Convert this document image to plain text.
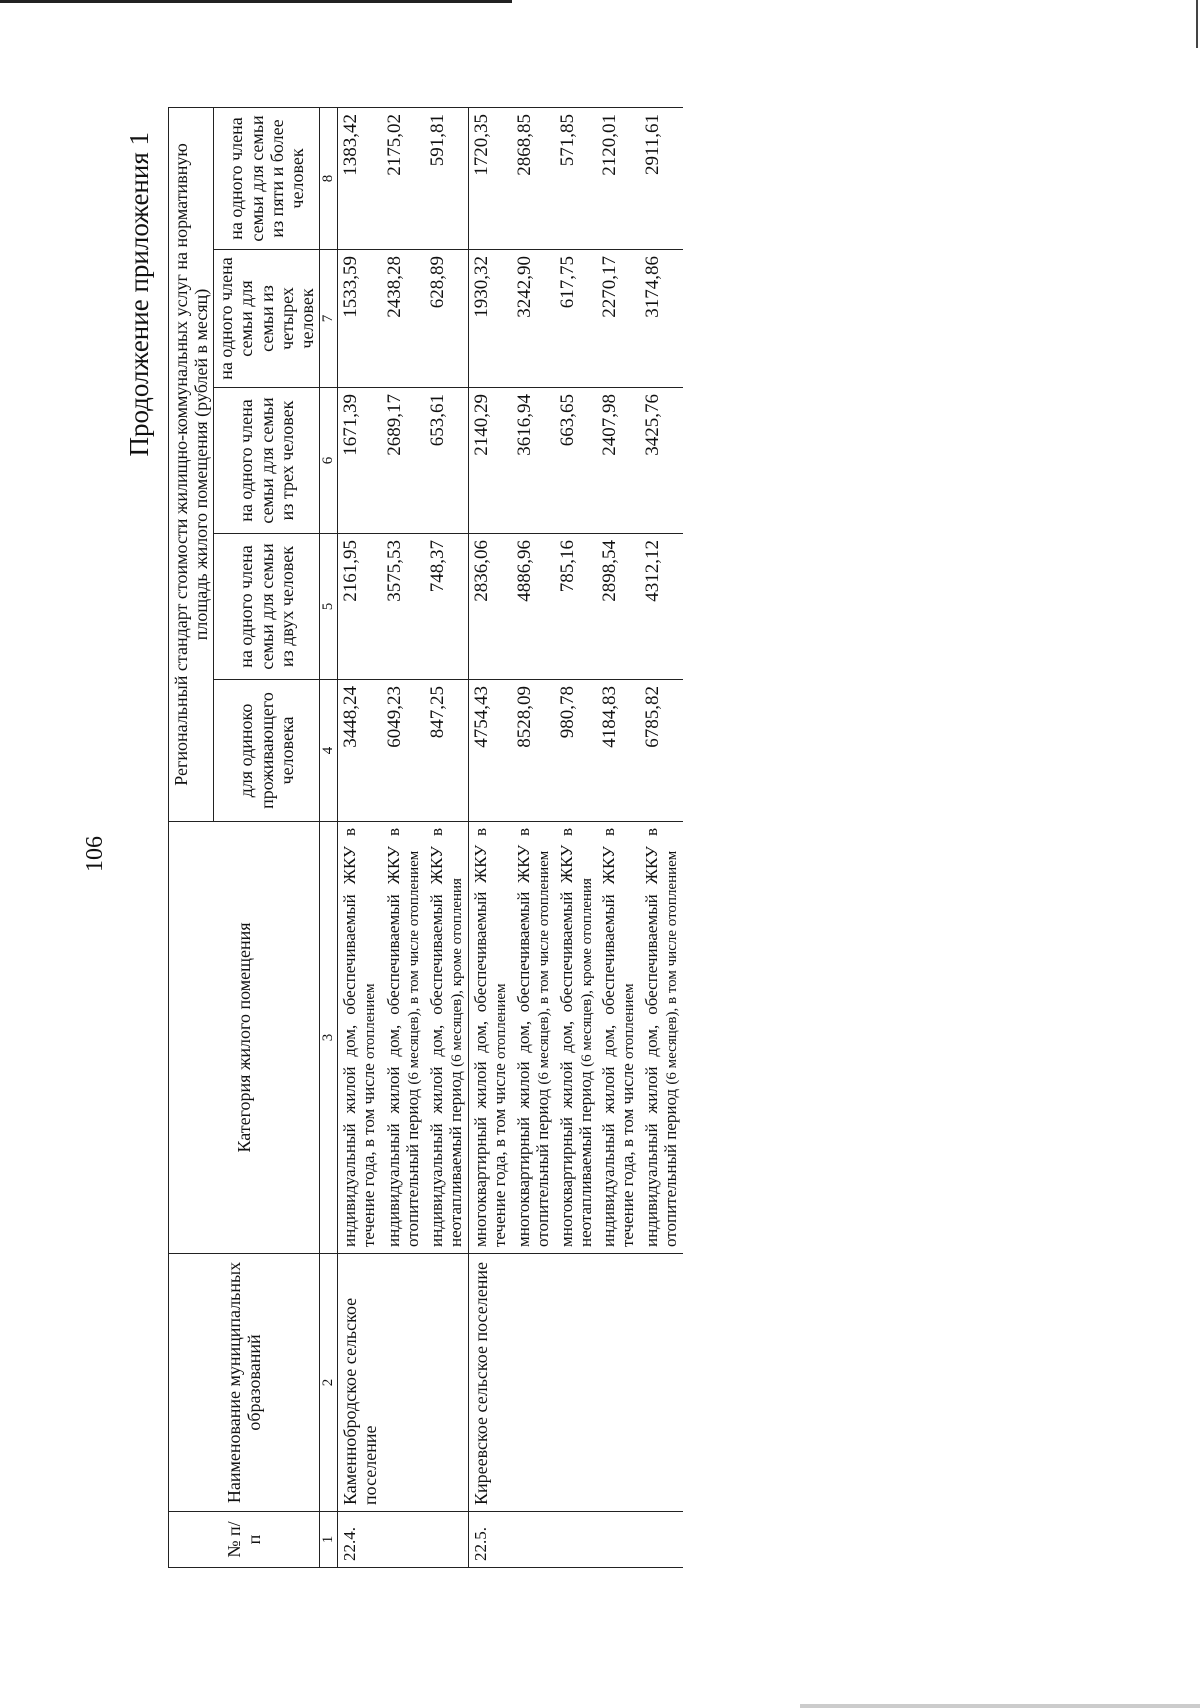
106
Продолжение приложения 1
№ п/п	Наименование муниципальных образований	Категория жилого помещения	Региональный стандарт стоимости жилищно-коммунальных услуг на нормативную площадь жилого помещения (рублей в месяц)				
			для одиноко проживающего человека	на одного члена семьи для семьи из двух человек	на одного члена семьи для семьи из трех человек	на одного члена семьи для семьи из четырех человек	на одного члена семьи для семьи из пяти и более человек
1	2	3	4	5	6	7	8
22.4.	Каменнобродское сельское поселение	индивидуальный жилой дом, обеспечиваемый ЖКУ в течение года, в том числе отоплением	3448,24	2161,95	1671,39	1533,59	1383,42
		индивидуальный жилой дом, обеспечиваемый ЖКУ в отопительный период (6 месяцев), в том числе отоплением	6049,23	3575,53	2689,17	2438,28	2175,02
		индивидуальный жилой дом, обеспечиваемый ЖКУ в неотапливаемый период (6 месяцев), кроме отопления	847,25	748,37	653,61	628,89	591,81
22.5.	Киреевское сельское поселение	многоквартирный жилой дом, обеспечиваемый ЖКУ в течение года, в том числе отоплением	4754,43	2836,06	2140,29	1930,32	1720,35
		многоквартирный жилой дом, обеспечиваемый ЖКУ в отопительный период (6 месяцев), в том числе отоплением	8528,09	4886,96	3616,94	3242,90	2868,85
		многоквартирный жилой дом, обеспечиваемый ЖКУ в неотапливаемый период (6 месяцев), кроме отопления	980,78	785,16	663,65	617,75	571,85
		индивидуальный жилой дом, обеспечиваемый ЖКУ в течение года, в том числе отоплением	4184,83	2898,54	2407,98	2270,17	2120,01
		индивидуальный жилой дом, обеспечиваемый ЖКУ в отопительный период (6 месяцев), в том числе отоплением	6785,82	4312,12	3425,76	3174,86	2911,61
